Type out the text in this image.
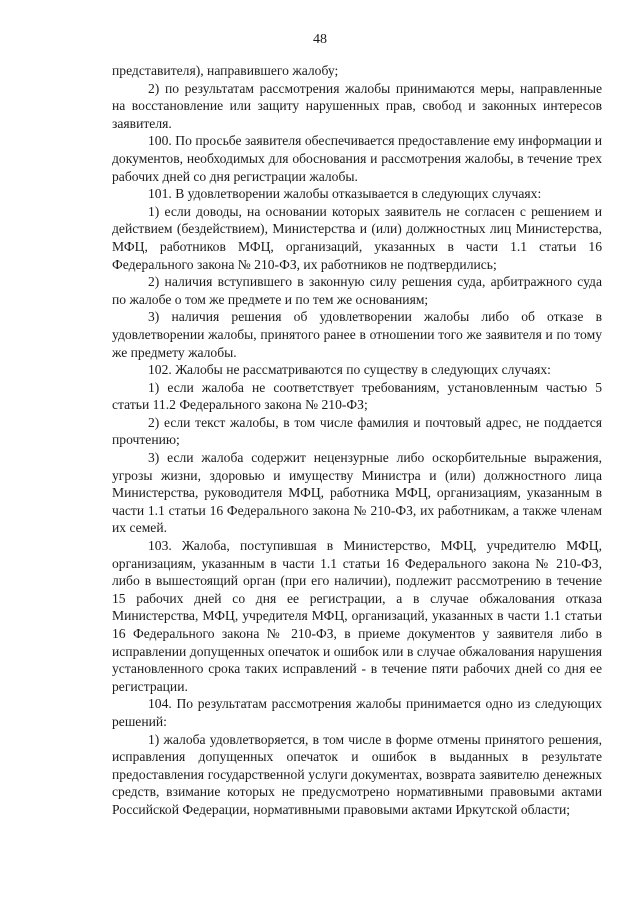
48

представителя), направившего жалобу;

2) по результатам рассмотрения жалобы принимаются меры, направленные на восстановление или защиту нарушенных прав, свобод и законных интересов заявителя.

100. По просьбе заявителя обеспечивается предоставление ему информации и документов, необходимых для обоснования и рассмотрения жалобы, в течение трех рабочих дней со дня регистрации жалобы.

101. В удовлетворении жалобы отказывается в следующих случаях:

1) если доводы, на основании которых заявитель не согласен с решением и действием (бездействием), Министерства и (или) должностных лиц Министерства, МФЦ, работников МФЦ, организаций, указанных в части 1.1 статьи 16 Федерального закона № 210-ФЗ, их работников не подтвердились;

2) наличия вступившего в законную силу решения суда, арбитражного суда по жалобе о том же предмете и по тем же основаниям;

3) наличия решения об удовлетворении жалобы либо об отказе в удовлетворении жалобы, принятого ранее в отношении того же заявителя и по тому же предмету жалобы.

102. Жалобы не рассматриваются по существу в следующих случаях:

1) если жалоба не соответствует требованиям, установленным частью 5 статьи 11.2 Федерального закона № 210-ФЗ;

2) если текст жалобы, в том числе фамилия и почтовый адрес, не поддается прочтению;

3) если жалоба содержит нецензурные либо оскорбительные выражения, угрозы жизни, здоровью и имуществу Министра и (или) должностного лица Министерства, руководителя МФЦ, работника МФЦ, организациям, указанным в части 1.1 статьи 16 Федерального закона № 210-ФЗ, их работникам, а также членам их семей.

103. Жалоба, поступившая в Министерство, МФЦ, учредителю МФЦ, организациям, указанным в части 1.1 статьи 16 Федерального закона № 210-ФЗ, либо в вышестоящий орган (при его наличии), подлежит рассмотрению в течение 15 рабочих дней со дня ее регистрации, а в случае обжалования отказа Министерства, МФЦ, учредителя МФЦ, организаций, указанных в части 1.1 статьи 16 Федерального закона № 210-ФЗ, в приеме документов у заявителя либо в исправлении допущенных опечаток и ошибок или в случае обжалования нарушения установленного срока таких исправлений - в течение пяти рабочих дней со дня ее регистрации.

104. По результатам рассмотрения жалобы принимается одно из следующих решений:

1) жалоба удовлетворяется, в том числе в форме отмены принятого решения, исправления допущенных опечаток и ошибок в выданных в результате предоставления государственной услуги документах, возврата заявителю денежных средств, взимание которых не предусмотрено нормативными правовыми актами Российской Федерации, нормативными правовыми актами Иркутской области;
